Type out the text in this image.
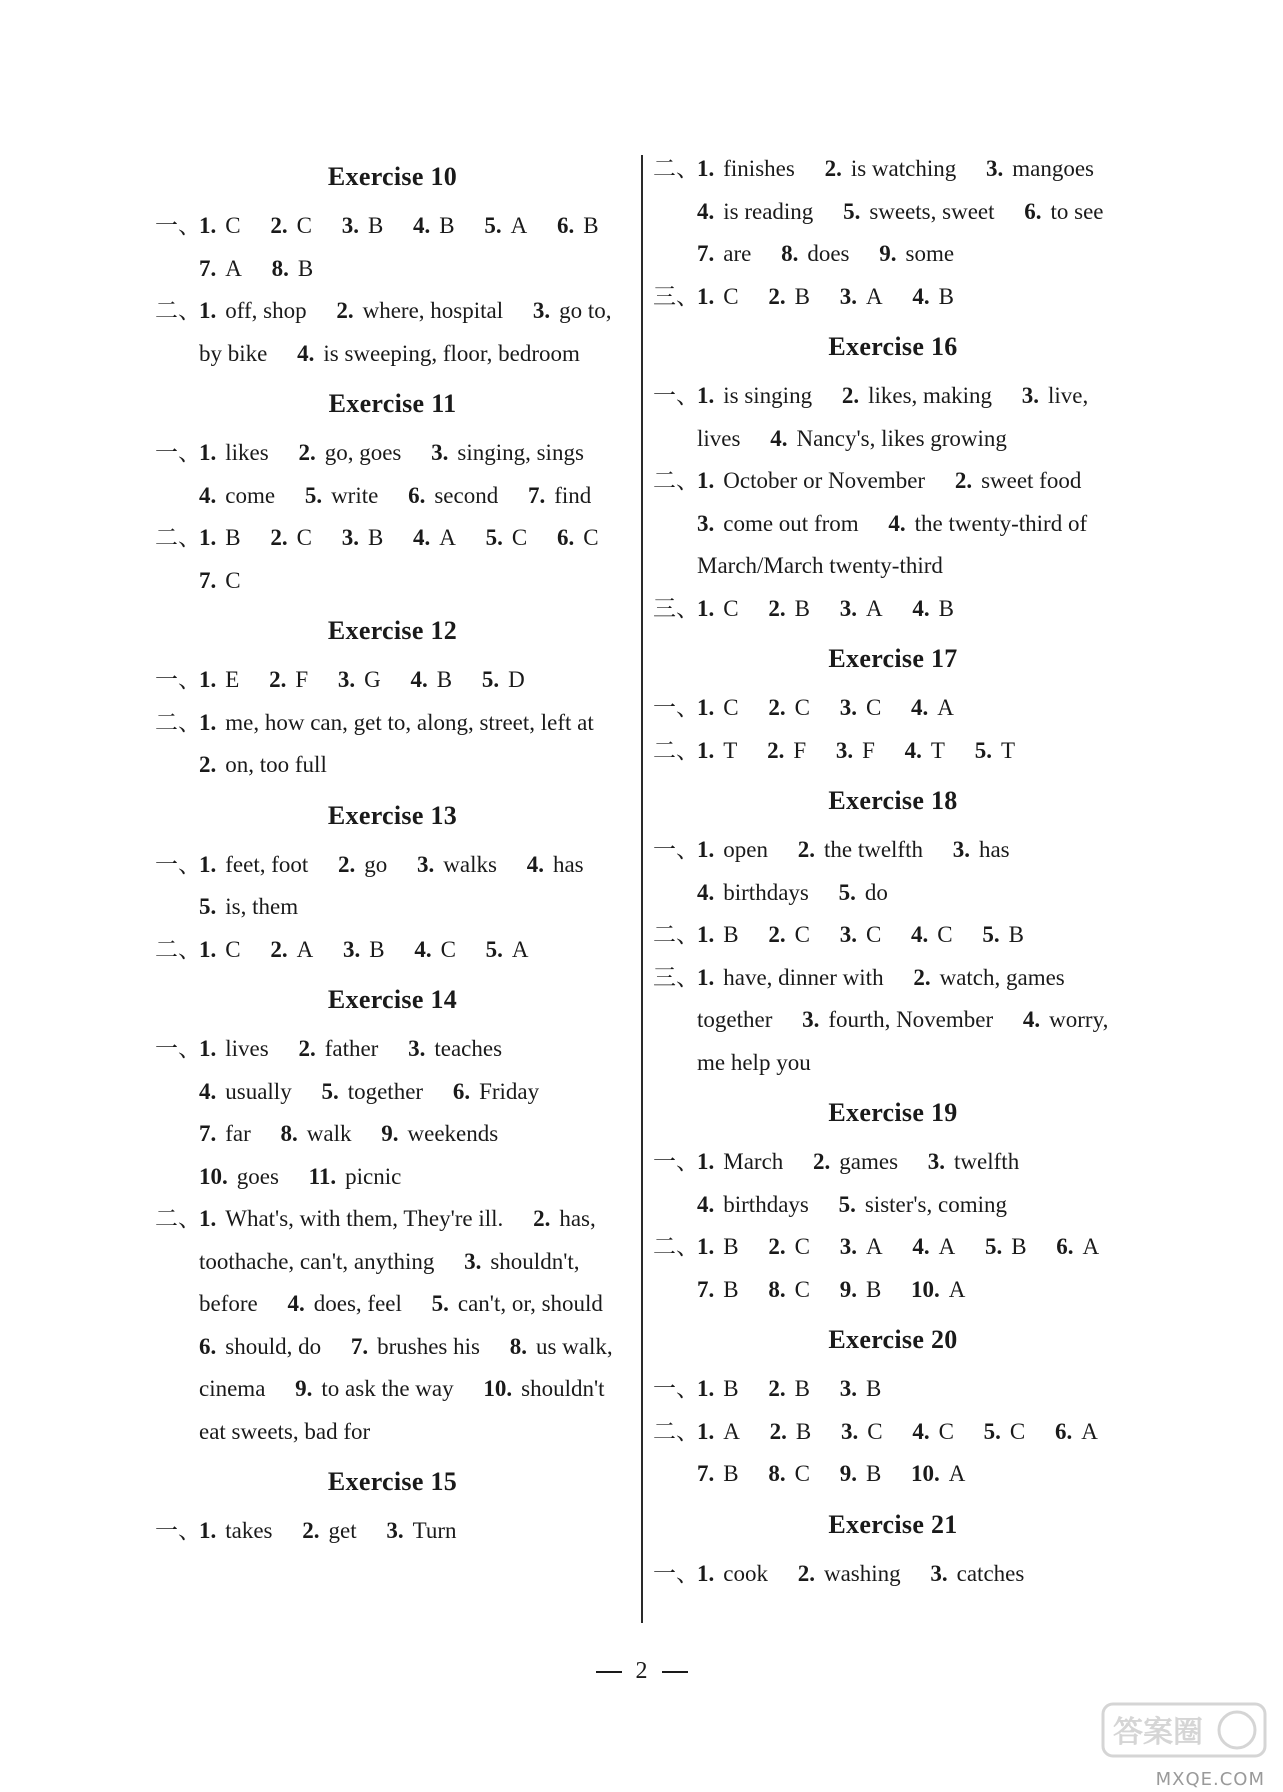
Exercise 10
一、
1. C 2. C 3. B 4. B 5. A 6. B 7. A 8. B
二、
1. off, shop 2. where, hospital 3. go to, by bike 4. is sweeping, floor, bedroom
Exercise 11
一、
1. likes 2. go, goes 3. singing, sings 4. come 5. write 6. second 7. find
二、
1. B 2. C 3. B 4. A 5. C 6. C 7. C
Exercise 12
一、
1. E 2. F 3. G 4. B 5. D
二、
1. me, how can, get to, along, street, left at 2. on, too full
Exercise 13
一、
1. feet, foot 2. go 3. walks 4. has 5. is, them
二、
1. C 2. A 3. B 4. C 5. A
Exercise 14
一、
1. lives 2. father 3. teaches 4. usually 5. together 6. Friday 7. far 8. walk 9. weekends 10. goes 11. picnic
二、
1. What's, with them, They're ill. 2. has, toothache, can't, anything 3. shouldn't, before 4. does, feel 5. can't, or, should 6. should, do 7. brushes his 8. us walk, cinema 9. to ask the way 10. shouldn't eat sweets, bad for
Exercise 15
一、
1. takes 2. get 3. Turn
二、
1. finishes 2. is watching 3. mangoes 4. is reading 5. sweets, sweet 6. to see 7. are 8. does 9. some
三、
1. C 2. B 3. A 4. B
Exercise 16
一、
1. is singing 2. likes, making 3. live, lives 4. Nancy's, likes growing
二、
1. October or November 2. sweet food 3. come out from 4. the twenty-third of March/March twenty-third
三、
1. C 2. B 3. A 4. B
Exercise 17
一、
1. C 2. C 3. C 4. A
二、
1. T 2. F 3. F 4. T 5. T
Exercise 18
一、
1. open 2. the twelfth 3. has 4. birthdays 5. do
二、
1. B 2. C 3. C 4. C 5. B
三、
1. have, dinner with 2. watch, games together 3. fourth, November 4. worry, me help you
Exercise 19
一、
1. March 2. games 3. twelfth 4. birthdays 5. sister's, coming
二、
1. B 2. C 3. A 4. A 5. B 6. A 7. B 8. C 9. B 10. A
Exercise 20
一、
1. B 2. B 3. B
二、
1. A 2. B 3. C 4. C 5. C 6. A 7. B 8. C 9. B 10. A
Exercise 21
一、
1. cook 2. washing 3. catches
2
答案圈
MXQE.COM
